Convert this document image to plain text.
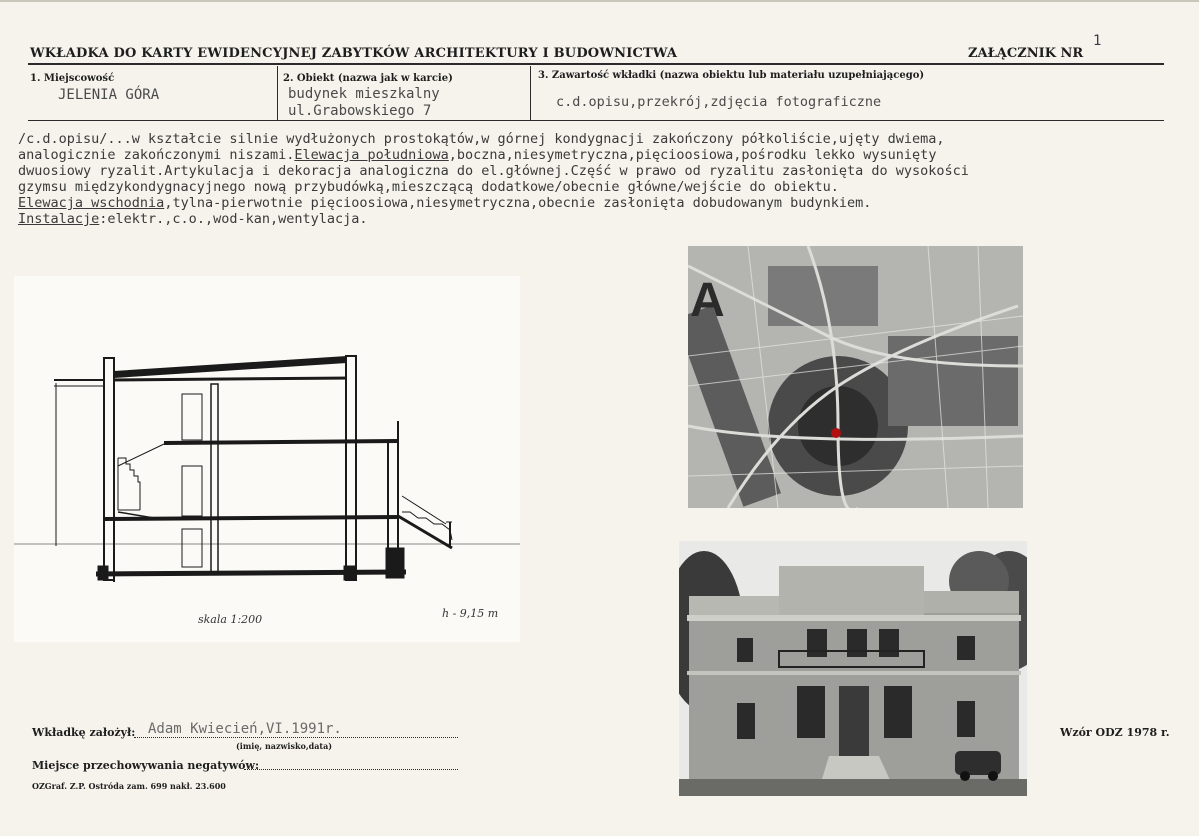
WKŁADKA DO KARTY EWIDENCYJNEJ ZABYTKÓW ARCHITEKTURY I BUDOWNICTWA	ZAŁĄCZNIK NR
1
1. Miejscowość
JELENIA GÓRA
2. Obiekt (nazwa jak w karcie)
budynek mieszkalny
ul.Grabowskiego 7
3. Zawartość wkładki (nazwa obiektu lub materiału uzupełniającego)
c.d.opisu,przekrój,zdjęcia fotograficzne
/c.d.opisu/...w kształcie silnie wydłużonych prostokątów,w górnej kondygnacji zakończony półkoliście,ujęty dwiema,
analogicznie zakończonymi niszami.Elewacja południowa,boczna,niesymetryczna,pięcioosiowa,pośrodku lekko wysunięty
dwuosiowy ryzalit.Artykulacja i dekoracja analogiczna do el.głównej.Część w prawo od ryzalitu zasłonięta do wysokości
gzymsu międzykondygnacyjnego nową przybudówką,mieszczącą dodatkowe/obecnie główne/wejście do obiektu.
Elewacja wschodnia,tylna-pierwotnie pięcioosiowa,niesymetryczna,obecnie zasłonięta dobudowanym budynkiem.
Instalacje:elektr.,c.o.,wod-kan,wentylacja.
skala 1:200	h - 9,15 m
A
Wkładkę założył: Adam Kwiecień,VI.1991r.
(imię, nazwisko,data)
Miejsce przechowywania negatywów:
OZGraf. Z.P. Ostróda zam. 699 nakł. 23.600
Wzór ODZ 1978 r.
